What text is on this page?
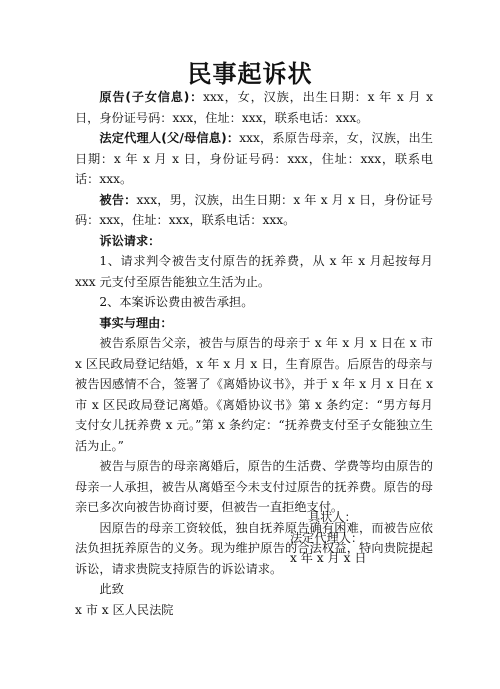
民事起诉状

原告(子女信息)：xxx，女，汉族，出生日期：x 年 x 月 x 日，身份证号码：xxx，住址：xxx，联系电话：xxx。

法定代理人(父/母信息)：xxx，系原告母亲，女，汉族，出生日期：x 年 x 月 x 日，身份证号码：xxx，住址：xxx，联系电话：xxx。

被告：xxx，男，汉族，出生日期：x 年 x 月 x 日，身份证号码：xxx，住址：xxx，联系电话：xxx。

诉讼请求：

1、请求判令被告支付原告的抚养费，从 x 年 x 月起按每月 xxx 元支付至原告能独立生活为止。

2、本案诉讼费由被告承担。

事实与理由：

被告系原告父亲，被告与原告的母亲于 x 年 x 月 x 日在 x 市 x 区民政局登记结婚，x 年 x 月 x 日，生育原告。后原告的母亲与被告因感情不合，签署了《离婚协议书》，并于 x 年 x 月 x 日在 x 市 x 区民政局登记离婚。《离婚协议书》第 x 条约定：“男方每月支付女儿抚养费 x 元。”第 x 条约定：“抚养费支付至子女能独立生活为止。”

被告与原告的母亲离婚后，原告的生活费、学费等均由原告的母亲一人承担，被告从离婚至今未支付过原告的抚养费。原告的母亲已多次向被告协商讨要，但被告一直拒绝支付。

因原告的母亲工资较低，独自抚养原告确有困难，而被告应依法负担抚养原告的义务。现为维护原告的合法权益，特向贵院提起诉讼，请求贵院支持原告的诉讼请求。

此致

x 市 x 区人民法院

具状人：
法定代理人：
x 年 x 月 x 日
